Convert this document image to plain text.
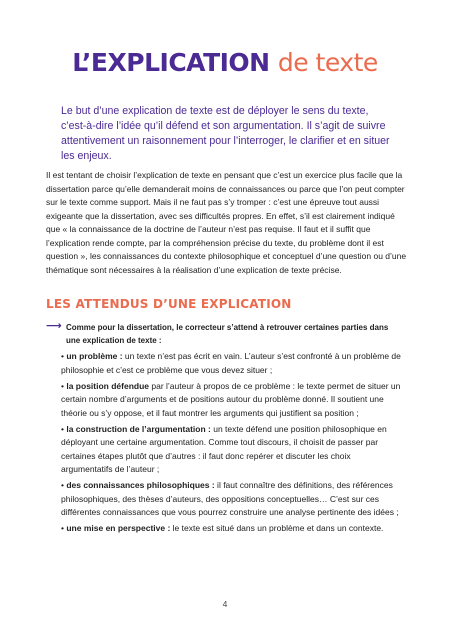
L’EXPLICATION de texte

Le but d’une explication de texte est de déployer le sens du texte, c’est-à-dire l’idée qu’il défend et son argumentation. Il s’agit de suivre attentivement un raisonnement pour l’interroger, le clarifier et en situer les enjeux.

Il est tentant de choisir l’explication de texte en pensant que c’est un exercice plus facile que la dissertation parce qu’elle demanderait moins de connaissances ou parce que l’on peut compter sur le texte comme support. Mais il ne faut pas s’y tromper : c’est une épreuve tout aussi exigeante que la dissertation, avec ses difficultés propres. En effet, s’il est clairement indiqué que « la connaissance de la doctrine de l’auteur n’est pas requise. Il faut et il suffit que l’explication rende compte, par la compréhension précise du texte, du problème dont il est question », les connaissances du contexte philosophique et conceptuel d’une question ou d’une thématique sont nécessaires à la réalisation d’une explication de texte précise.

LES ATTENDUS D’UNE EXPLICATION
⟶ Comme pour la dissertation, le correcteur s’attend à retrouver certaines parties dans une explication de texte :
• un problème : un texte n’est pas écrit en vain. L’auteur s’est confronté à un problème de philosophie et c’est ce problème que vous devez situer ;
• la position défendue par l’auteur à propos de ce problème : le texte permet de situer un certain nombre d’arguments et de positions autour du problème donné. Il soutient une théorie ou s’y oppose, et il faut montrer les arguments qui justifient sa position ;
• la construction de l’argumentation : un texte défend une position philosophique en déployant une certaine argumentation. Comme tout discours, il choisit de passer par certaines étapes plutôt que d’autres : il faut donc repérer et discuter les choix argumentatifs de l’auteur ;
• des connaissances philosophiques : il faut connaître des définitions, des références philosophiques, des thèses d’auteurs, des oppositions conceptuelles… C’est sur ces différentes connaissances que vous pourrez construire une analyse pertinente des idées ;
• une mise en perspective : le texte est situé dans un problème et dans un contexte.
4
